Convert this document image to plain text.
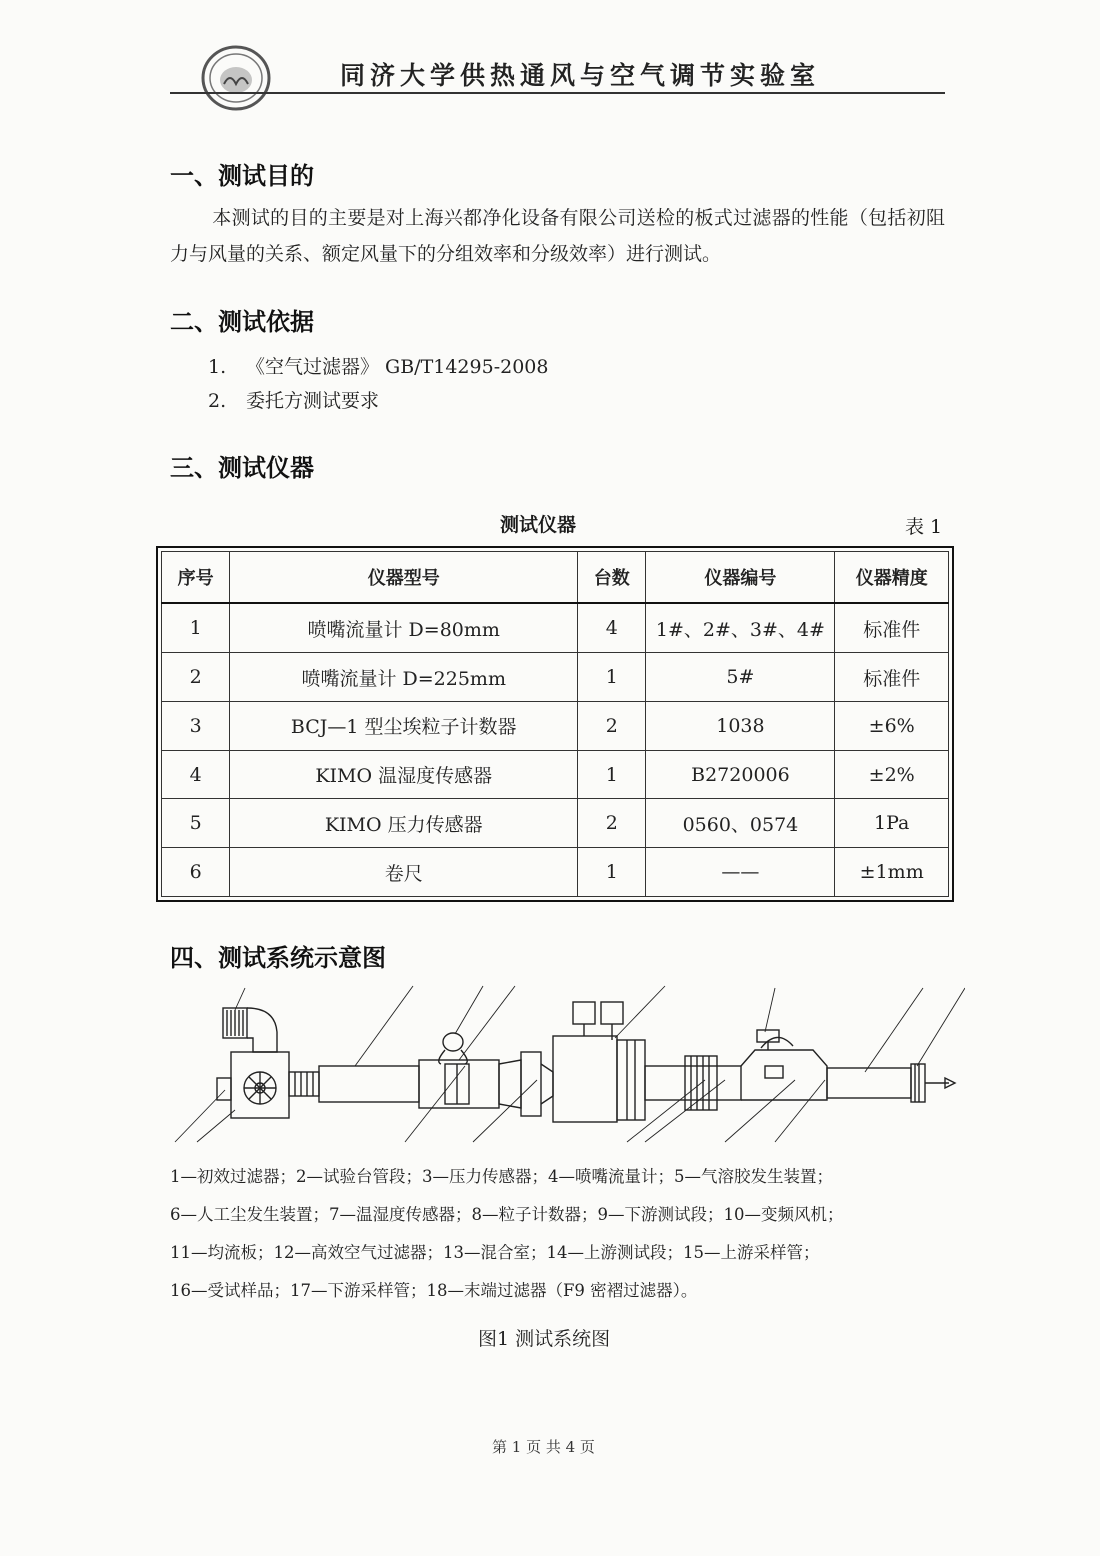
同济大学供热通风与空气调节实验室
一、测试目的
本测试的目的主要是对上海兴都净化设备有限公司送检的板式过滤器的性能（包括初阻力与风量的关系、额定风量下的分组效率和分级效率）进行测试。
二、测试依据
1. 《空气过滤器》 GB/T14295-2008
2. 委托方测试要求
三、测试仪器
测试仪器	表 1
序号	仪器型号	台数	仪器编号	仪器精度
1	喷嘴流量计 D=80mm	4	1#、2#、3#、4#	标准件
2	喷嘴流量计 D=225mm	1	5#	标准件
3	BCJ—1 型尘埃粒子计数器	2	1038	±6%
4	KIMO 温湿度传感器	1	B2720006	±2%
5	KIMO 压力传感器	2	0560、0574	1Pa
6	卷尺	1	——	±1mm
四、测试系统示意图
1—初效过滤器；2—试验台管段；3—压力传感器；4—喷嘴流量计；5—气溶胶发生装置；
6—人工尘发生装置；7—温湿度传感器；8—粒子计数器；9—下游测试段；10—变频风机；
11—均流板；12—高效空气过滤器；13—混合室；14—上游测试段；15—上游采样管；
16—受试样品；17—下游采样管；18—末端过滤器（F9 密褶过滤器）。
图1 测试系统图
第 1 页 共 4 页
